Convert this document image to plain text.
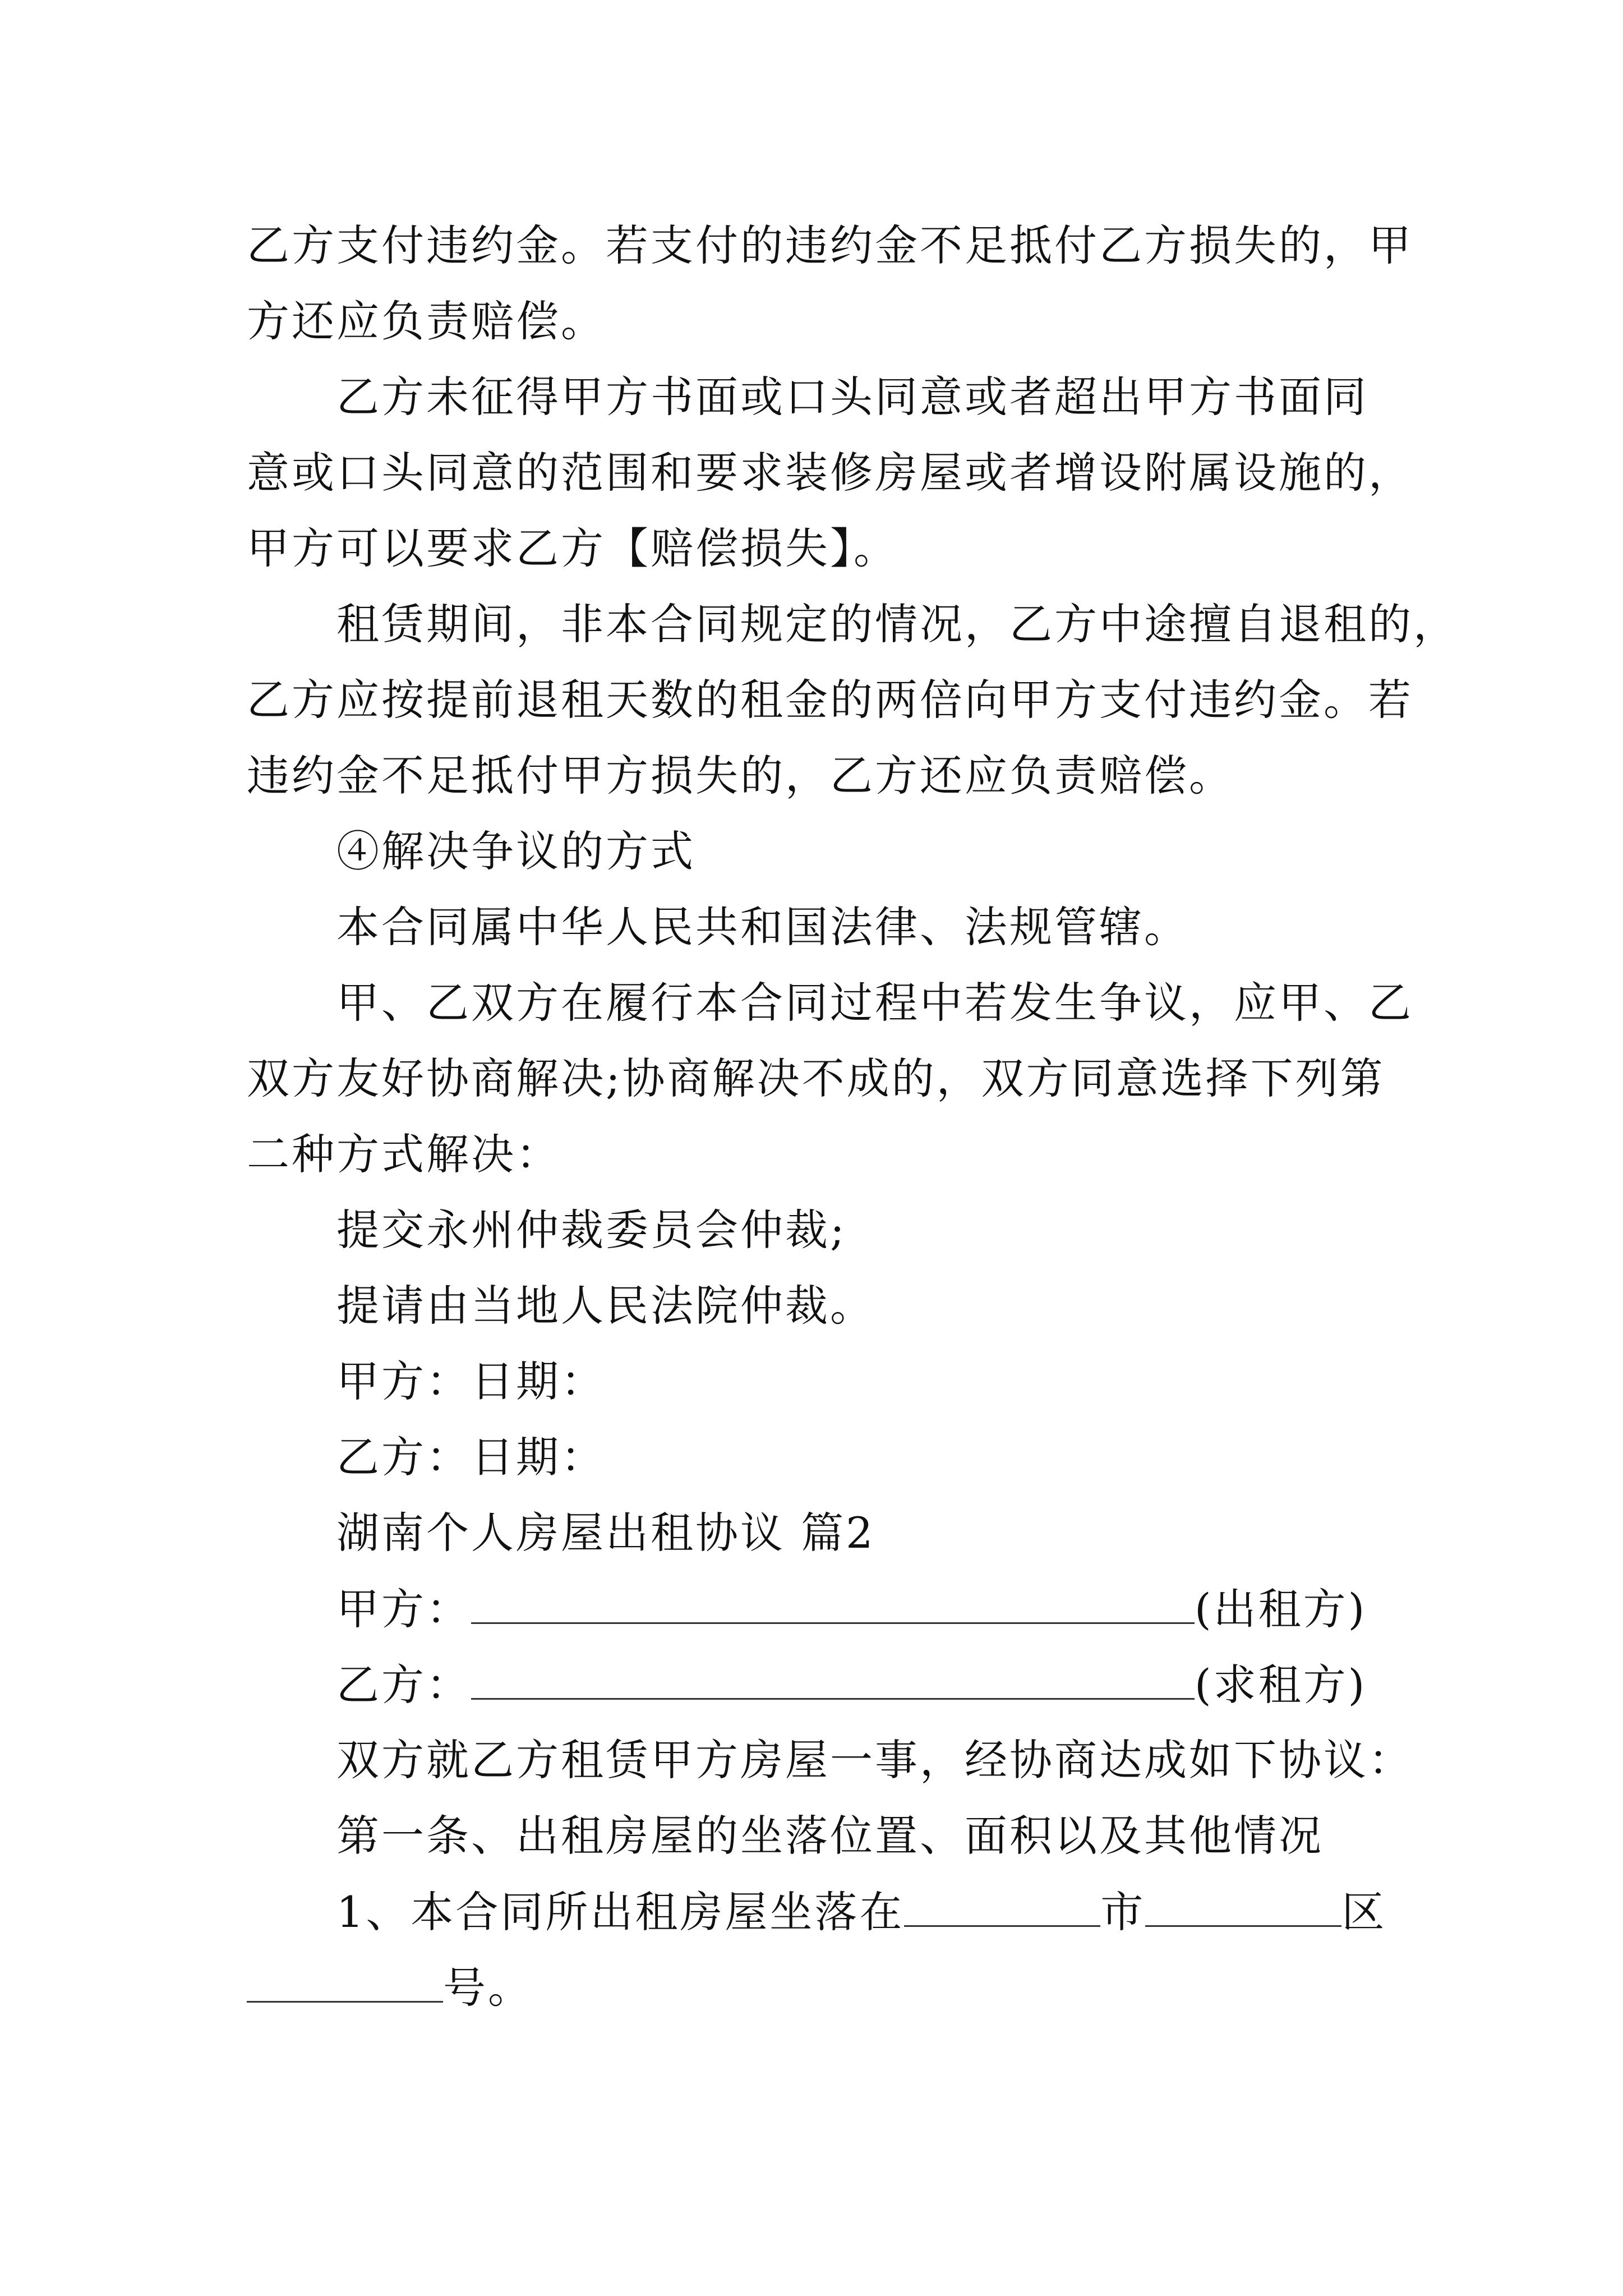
乙方支付违约金。若支付的违约金不足抵付乙方损失的，甲
方还应负责赔偿。
乙方未征得甲方书面或口头同意或者超出甲方书面同
意或口头同意的范围和要求装修房屋或者增设附属设施的，
甲方可以要求乙方【赔偿损失】。
租赁期间，非本合同规定的情况，乙方中途擅自退租的，
乙方应按提前退租天数的租金的两倍向甲方支付违约金。若
违约金不足抵付甲方损失的，乙方还应负责赔偿。
④解决争议的方式
本合同属中华人民共和国法律、法规管辖。
甲、乙双方在履行本合同过程中若发生争议，应甲、乙
双方友好协商解决;协商解决不成的，双方同意选择下列第
二种方式解决：
提交永州仲裁委员会仲裁;
提请由当地人民法院仲裁。
甲方：日期：
乙方：日期：
湖南个人房屋出租协议 篇2
甲方：	(出租方)
乙方：	(求租方)
双方就乙方租赁甲方房屋一事，经协商达成如下协议：
第一条、出租房屋的坐落位置、面积以及其他情况
1、本合同所出租房屋坐落在	市	区
号。
